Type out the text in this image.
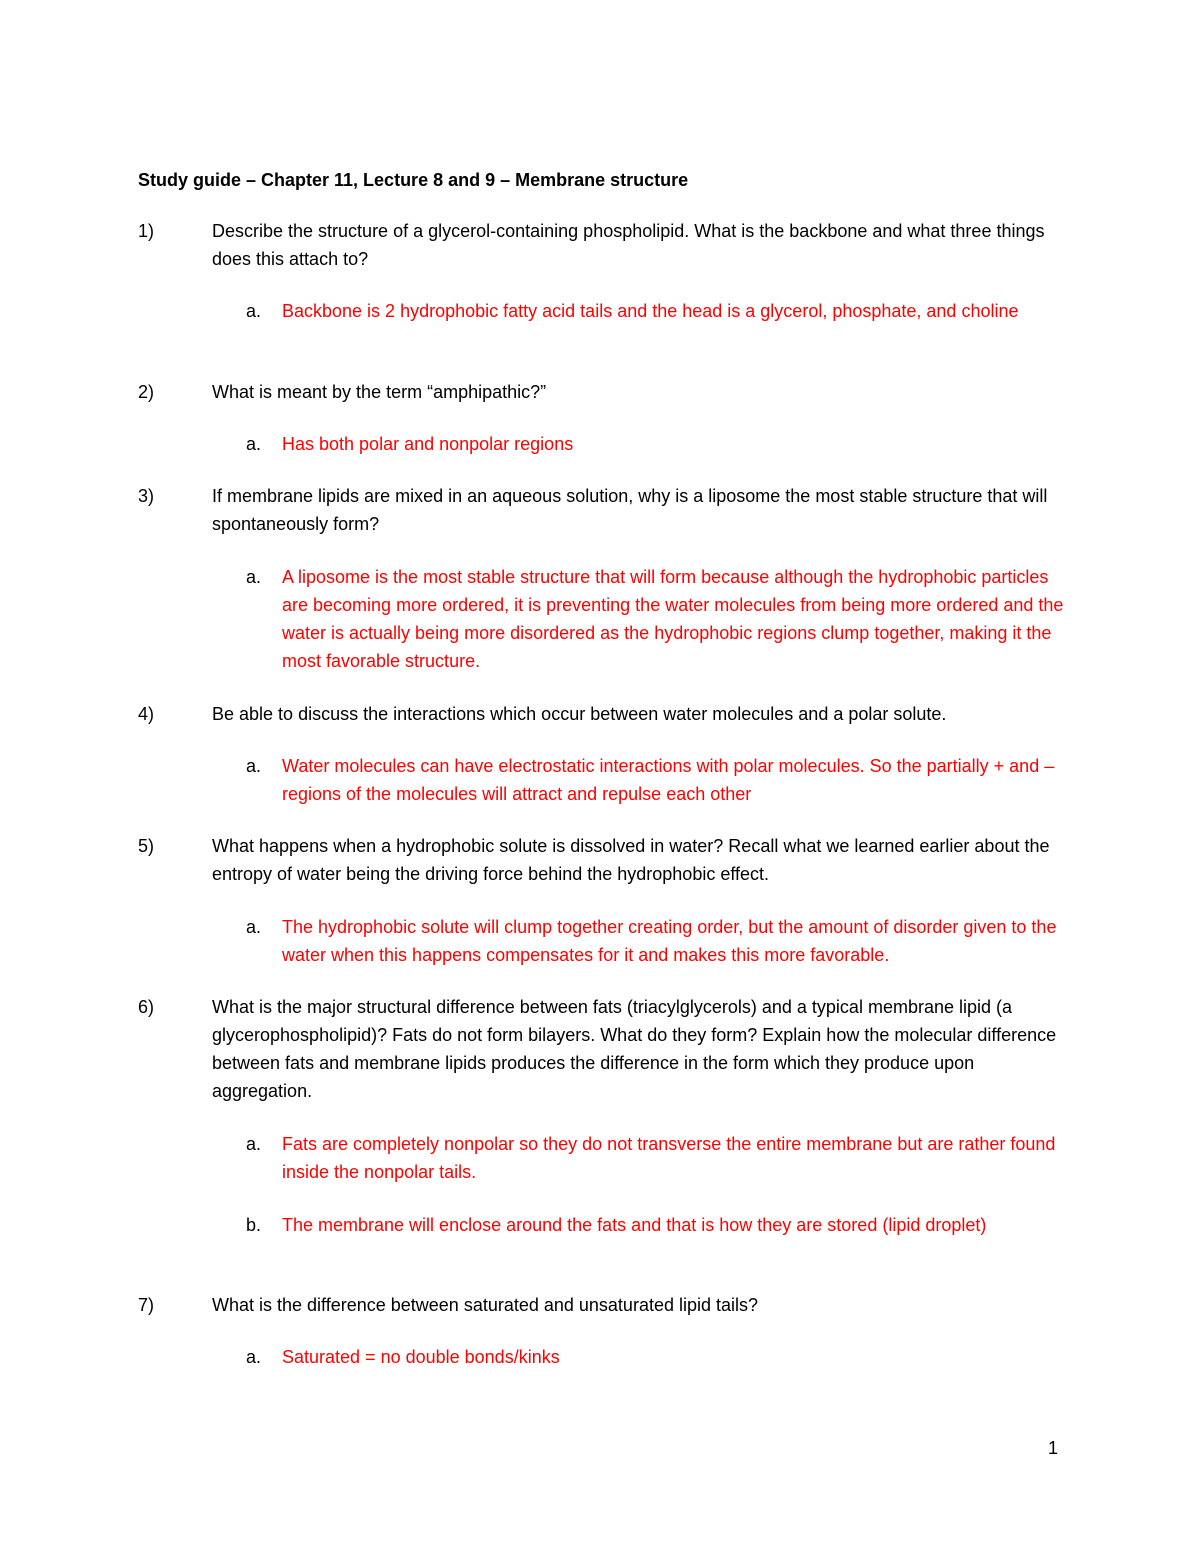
Study guide – Chapter 11, Lecture 8 and 9 – Membrane structure
1)	Describe the structure of a glycerol-containing phospholipid. What is the backbone and what three things does this attach to?
a. Backbone is 2 hydrophobic fatty acid tails and the head is a glycerol, phosphate, and choline
2)	What is meant by the term “amphipathic?”
a. Has both polar and nonpolar regions
3)	If membrane lipids are mixed in an aqueous solution, why is a liposome the most stable structure that will spontaneously form?
a. A liposome is the most stable structure that will form because although the hydrophobic particles are becoming more ordered, it is preventing the water molecules from being more ordered and the water is actually being more disordered as the hydrophobic regions clump together, making it the most favorable structure.
4)	Be able to discuss the interactions which occur between water molecules and a polar solute.
a. Water molecules can have electrostatic interactions with polar molecules. So the partially + and – regions of the molecules will attract and repulse each other
5)	What happens when a hydrophobic solute is dissolved in water? Recall what we learned earlier about the entropy of water being the driving force behind the hydrophobic effect.
a. The hydrophobic solute will clump together creating order, but the amount of disorder given to the water when this happens compensates for it and makes this more favorable.
6)	What is the major structural difference between fats (triacylglycerols) and a typical membrane lipid (a glycerophospholipid)? Fats do not form bilayers. What do they form? Explain how the molecular difference between fats and membrane lipids produces the difference in the form which they produce upon aggregation.
a. Fats are completely nonpolar so they do not transverse the entire membrane but are rather found inside the nonpolar tails.
b. The membrane will enclose around the fats and that is how they are stored (lipid droplet)
7)	What is the difference between saturated and unsaturated lipid tails?
a. Saturated = no double bonds/kinks
1
